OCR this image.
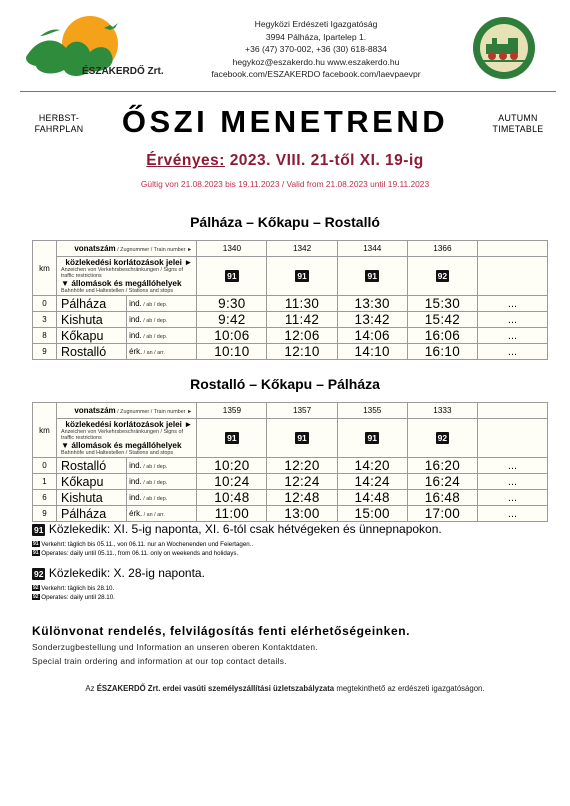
ÉSZAKERDŐ Zrt.
Hegyközi Erdészeti Igazgatóság
3994 Pálháza, Ipartelep 1.
+36 (47) 370-002, +36 (30) 618-8834
hegykoz@eszakerdo.hu www.eszakerdo.hu
facebook.com/ESZAKERDO facebook.com/laevpaevpr
HERBST-
FAHRPLAN	ŐSZI MENETREND	AUTUMN
TIMETABLE
Érvényes: 2023. VIII. 21-től XI. 19-ig
Gültig von 21.08.2023 bis 19.11.2023 / Valid from 21.08.2023 until 19.11.2023
Pálháza – Kőkapu – Rostalló
km	vonatszám / Zugnummer / Train number ►		1340	1342	1344	1366	

	közlekedési korlátozások jelei ►
Anzeichen von Verkehrsbeschränkungen / Signs of traffic restrictions
▼ állomások és megállóhelyek
Bahnhöfe und Haltestellen / Stations and stops		91	91	91	92	

0	Pálháza	ind. / ab / dep.	9:30	11:30	13:30	15:30	...
3	Kishuta	ind. / ab / dep.	9:42	11:42	13:42	15:42	...
8	Kőkapu	ind. / ab / dep.	10:06	12:06	14:06	16:06	...
9	Rostalló	érk. / an / arr.	10:10	12:10	14:10	16:10	...
Rostalló – Kőkapu – Pálháza
km	vonatszám / Zugnummer / Train number ►		1359	1357	1355	1333	

	közlekedési korlátozások jelei ►
Anzeichen von Verkehrsbeschränkungen / Signs of traffic restrictions
▼ állomások és megállóhelyek
Bahnhöfe und Haltestellen / Stations and stops		91	91	91	92	

0	Rostalló	ind. / ab / dep.	10:20	12:20	14:20	16:20	...
1	Kőkapu	ind. / ab / dep.	10:24	12:24	14:24	16:24	...
6	Kishuta	ind. / ab / dep.	10:48	12:48	14:48	16:48	...
9	Pálháza	érk. / an / arr.	11:00	13:00	15:00	17:00	...
91 Közlekedik: XI. 5-ig naponta, XI. 6-tól csak hétvégeken és ünnepnapokon.
91 Verkehrt: täglich bis 05.11., von 06.11. nur an Wochenenden und Feiertagen..
91 Operates: daily until 05.11., from 06.11. only on weekends and holidays.
92 Közlekedik: X. 28-ig naponta.
92 Verkehrt: täglich bis 28.10.
92 Operates: daily until 28.10.
Különvonat rendelés, felvilágosítás fenti elérhetőségeinken.
Sonderzugbestellung und Information an unseren oberen Kontaktdaten.
Special train ordering and information at our top contact details.
Az ÉSZAKERDŐ Zrt. erdei vasúti személyszállítási üzletszabályzata megtekinthető az erdészeti igazgatóságon.
